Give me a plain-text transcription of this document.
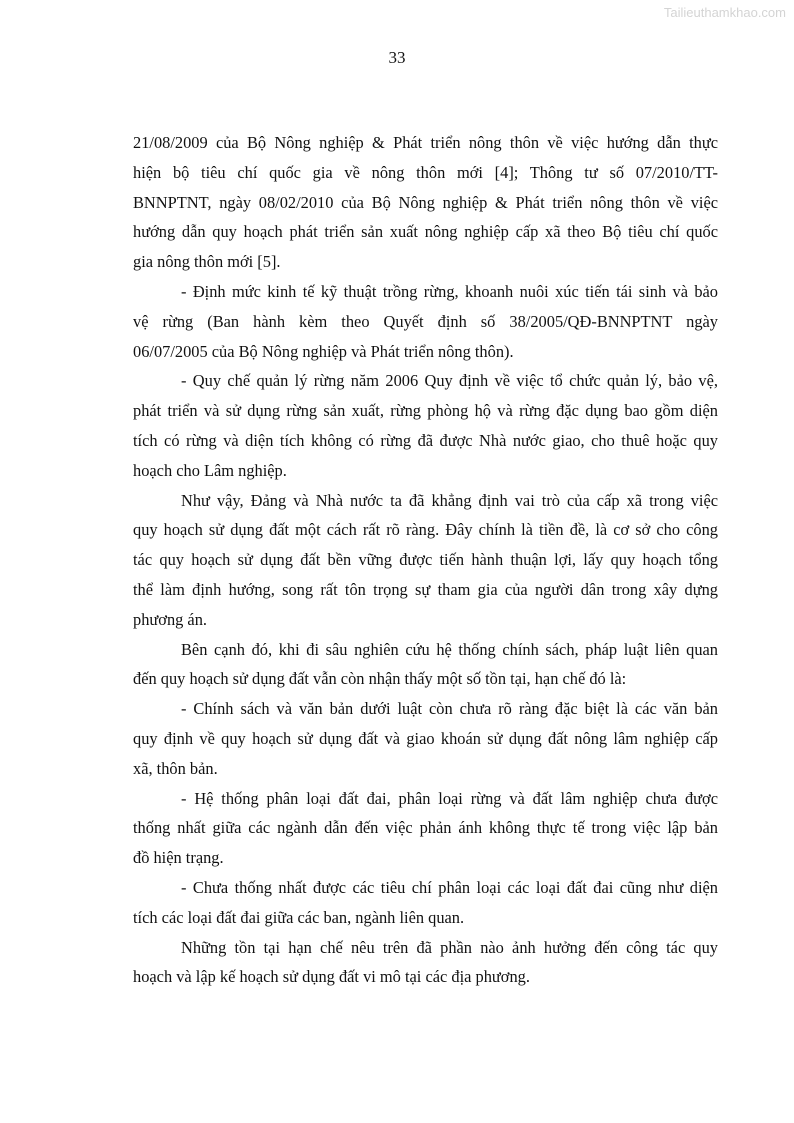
Tailieuthamkhao.com
33
21/08/2009 của Bộ Nông nghiệp & Phát triển nông thôn về việc hướng dẫn thực
hiện bộ tiêu chí quốc gia về nông thôn mới [4]; Thông tư số 07/2010/TT-
BNNPTNT, ngày 08/02/2010 của Bộ Nông nghiệp & Phát triển nông thôn về việc
hướng dẫn quy hoạch phát triển sản xuất nông nghiệp cấp xã theo Bộ tiêu chí quốc
gia nông thôn mới [5].
- Định mức kinh tế kỹ thuật trồng rừng, khoanh nuôi xúc tiến tái sinh và bảo
vệ rừng (Ban hành kèm theo Quyết định số 38/2005/QĐ-BNNPTNT ngày
06/07/2005 của Bộ Nông nghiệp và Phát triển nông thôn).
- Quy chế quản lý rừng năm 2006 Quy định về việc tổ chức quản lý, bảo vệ,
phát triển và sử dụng rừng sản xuất, rừng phòng hộ và rừng đặc dụng bao gồm diện
tích có rừng và diện tích không có rừng đã được Nhà nước giao, cho thuê hoặc quy
hoạch cho Lâm nghiệp.
Như vậy, Đảng và Nhà nước ta đã khẳng định vai trò của cấp xã trong việc
quy hoạch sử dụng đất một cách rất rõ ràng. Đây chính là tiền đề, là cơ sở cho công
tác quy hoạch sử dụng đất bền vững được tiến hành thuận lợi, lấy quy hoạch tổng
thể làm định hướng, song rất tôn trọng sự tham gia của người dân trong xây dựng
phương án.
Bên cạnh đó, khi đi sâu nghiên cứu hệ thống chính sách, pháp luật liên quan
đến quy hoạch sử dụng đất vẫn còn nhận thấy một số tồn tại, hạn chế đó là:
- Chính sách và văn bản dưới luật còn chưa rõ ràng đặc biệt là các văn bản
quy định về quy hoạch sử dụng đất và giao khoán sử dụng đất nông lâm nghiệp cấp
xã, thôn bản.
- Hệ thống phân loại đất đai, phân loại rừng và đất lâm nghiệp chưa được
thống nhất giữa các ngành dẫn đến việc phản ánh không thực tế trong việc lập bản
đồ hiện trạng.
- Chưa thống nhất được các tiêu chí phân loại các loại đất đai cũng như diện
tích các loại đất đai giữa các ban, ngành liên quan.
Những tồn tại hạn chế nêu trên đã phần nào ảnh hưởng đến công tác quy
hoạch và lập kế hoạch sử dụng đất vi mô tại các địa phương.
